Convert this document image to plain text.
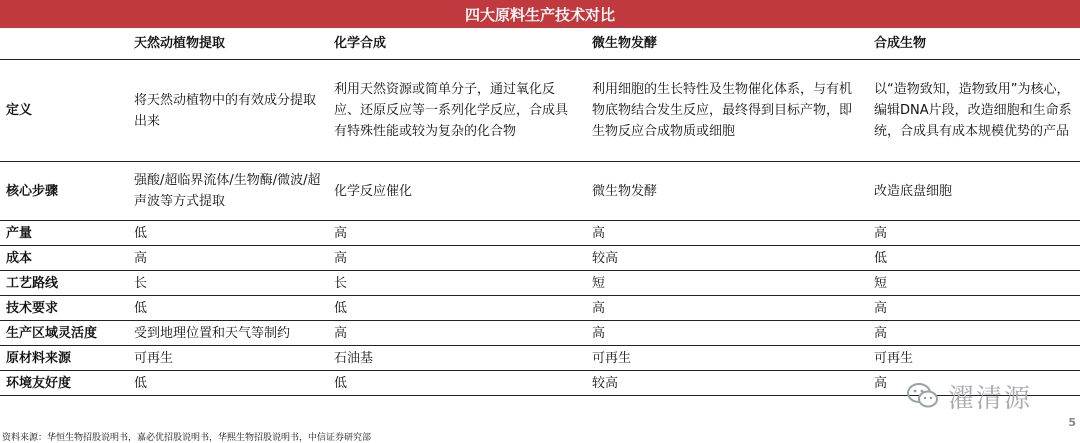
四大原料生产技术对比
	天然动植物提取	化学合成	微生物发酵	合成生物
定义	将天然动植物中的有效成分提取出来	利用天然资源或简单分子，通过氧化反应、还原反应等一系列化学反应，合成具有特殊性能或较为复杂的化合物	利用细胞的生长特性及生物催化体系，与有机物底物结合发生反应，最终得到目标产物，即生物反应合成物质或细胞	以“造物致知，造物致用”为核心，编辑DNA片段，改造细胞和生命系统，合成具有成本规模优势的产品
核心步骤	强酸/超临界流体/生物酶/微波/超声波等方式提取	化学反应催化	微生物发酵	改造底盘细胞
产量	低	高	高	高
成本	高	高	较高	低
工艺路线	长	长	短	短
技术要求	低	低	高	高
生产区域灵活度	受到地理位置和天气等制约	高	高	高
原材料来源	可再生	石油基	可再生	可再生
环境友好度	低	低	较高	高
濯清源
5
资料来源：华恒生物招股说明书，嘉必优招股说明书，华熙生物招股说明书，中信证券研究部
